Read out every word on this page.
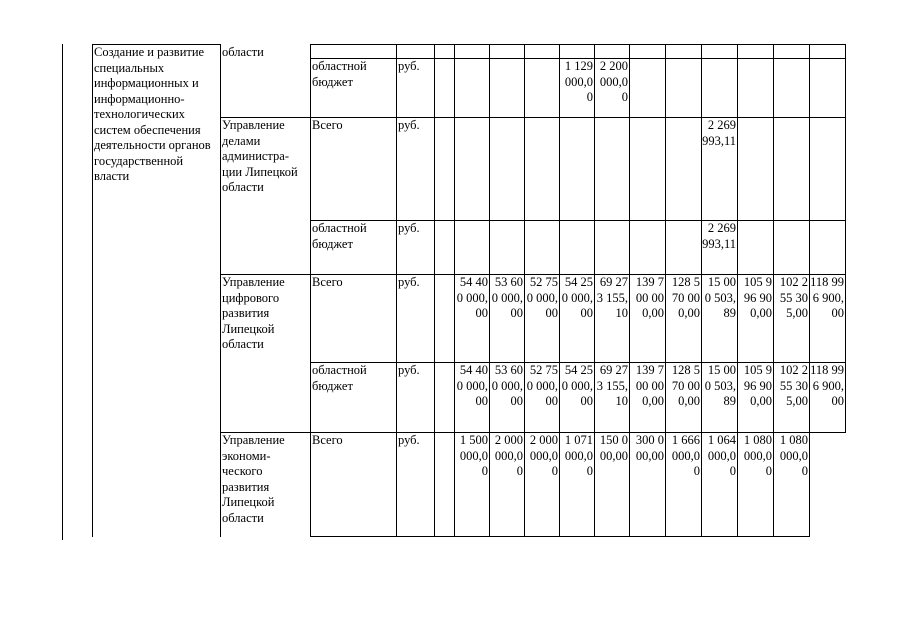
	Создание и развитие специальных информационных и информационно-технологических систем обеспечения деятельности органов государственной власти	области														
			областной бюджет	руб.					1 129 000,00	2 200 000,00						
		Управление делами администра-ции Липецкой области	Всего	руб.									2 269 993,11			
			областной бюджет	руб.									2 269 993,11			
		Управление цифрового развития Липецкой области	Всего	руб.		54 400 000,00	53 600 000,00	52 750 000,00	54 250 000,00	69 273 155,10	139 700 000,00	128 570 000,00	15 000 503,89	105 996 900,00	102 255 305,00	118 996 900,00
			областной бюджет	руб.		54 400 000,00	53 600 000,00	52 750 000,00	54 250 000,00	69 273 155,10	139 700 000,00	128 570 000,00	15 000 503,89	105 996 900,00	102 255 305,00	118 996 900,00
		Управление экономи-ческого развития Липецкой области	Всего	руб.		1 500 000,00	2 000 000,00	2 000 000,00	1 071 000,00	150 000,00	300 000,00	1 666 000,00	1 064 000,00	1 080 000,00	1 080 000,00	
